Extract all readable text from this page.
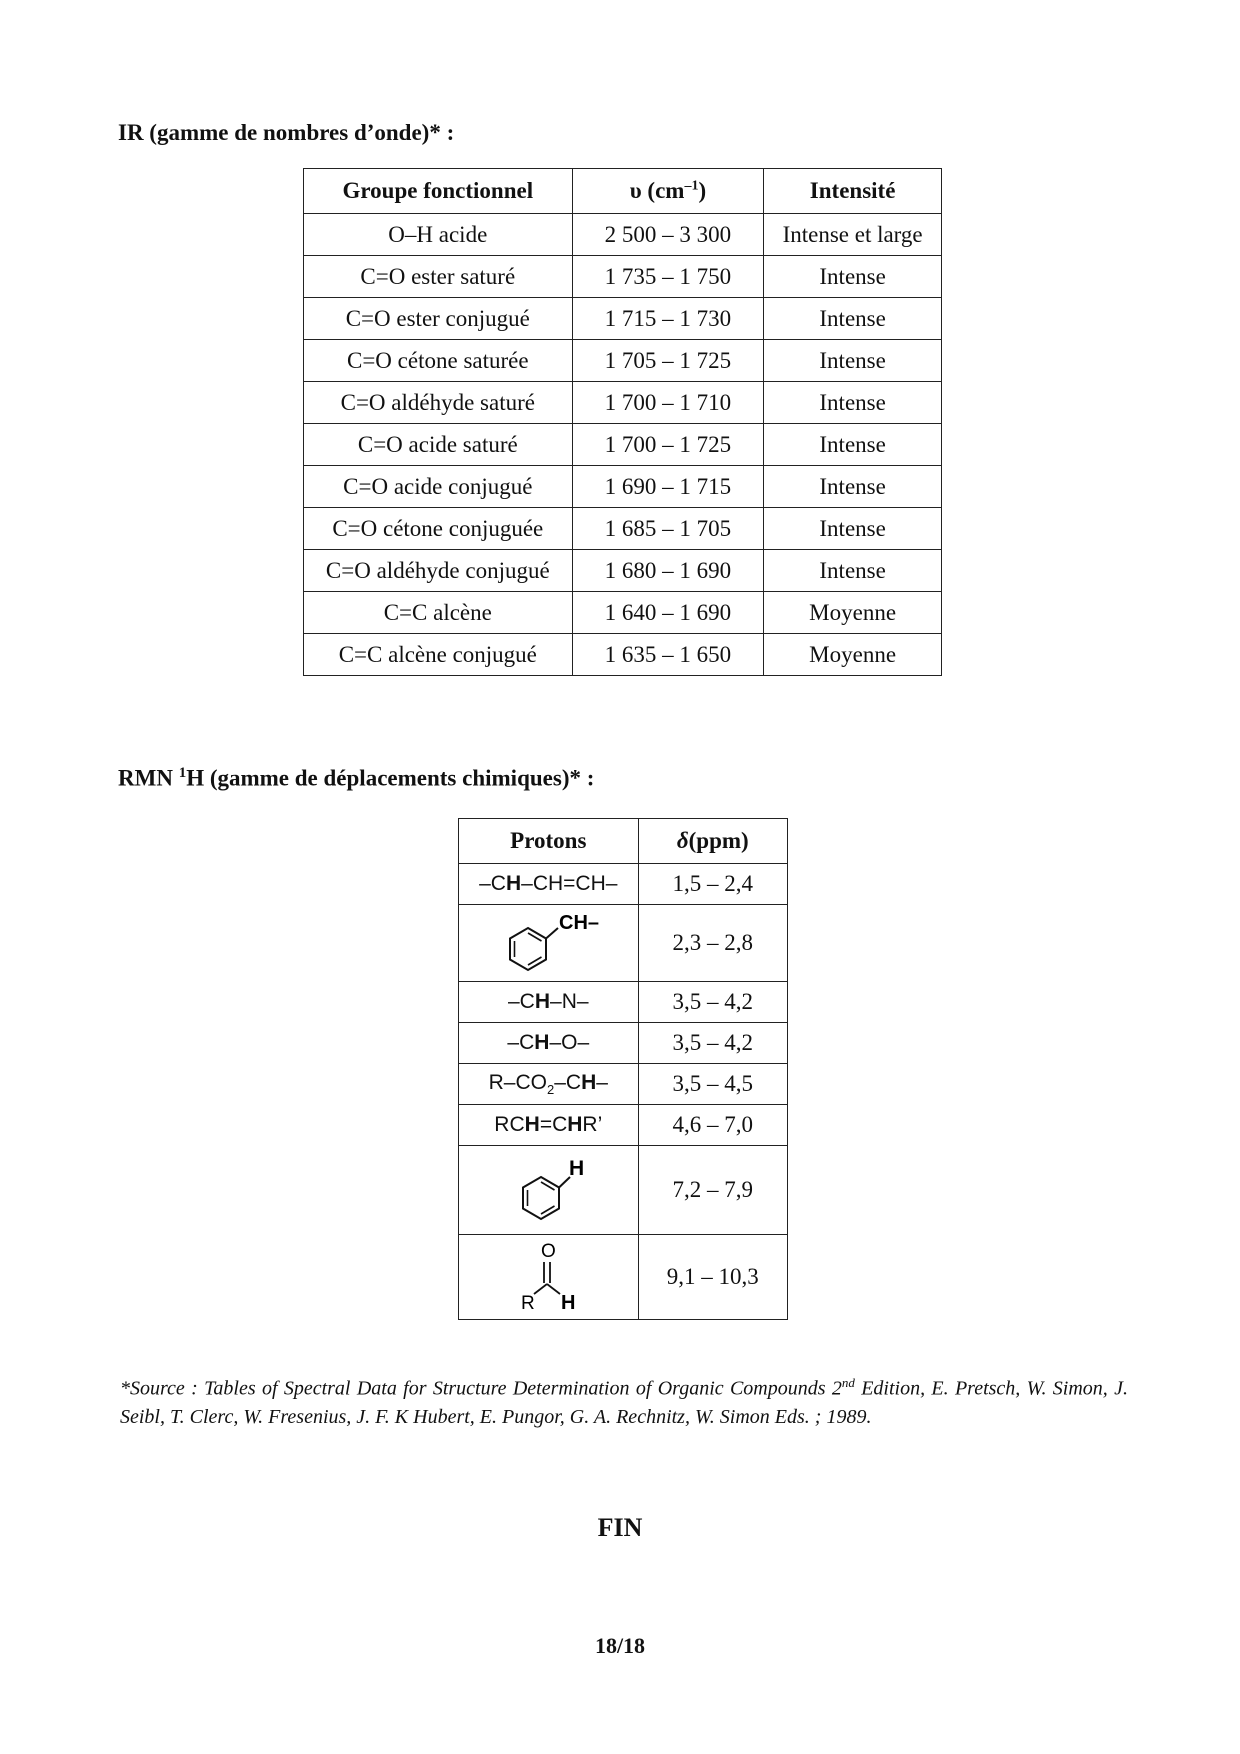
IR (gamme de nombres d’onde)* :
Groupe fonctionnel	υ $(cm^{-1})$	Intensité
O–H acide	2 500 – 3 300	Intense et large
C=O ester saturé	1 735 – 1 750	Intense
C=O ester conjugué	1 715 – 1 730	Intense
C=O cétone saturée	1 705 – 1 725	Intense
C=O aldéhyde saturé	1 700 – 1 710	Intense
C=O acide saturé	1 700 – 1 725	Intense
C=O acide conjugué	1 690 – 1 715	Intense
C=O cétone conjuguée	1 685 – 1 705	Intense
C=O aldéhyde conjugué	1 680 – 1 690	Intense
C=C alcène	1 640 – 1 690	Moyenne
C=C alcène conjugué	1 635 – 1 650	Moyenne
RMN $^1$H (gamme de déplacements chimiques)* :
Protons	δ(ppm)
–CH–CH=CH–	1,5 – 2,4

CH–	2,3 – 2,8
–CH–N–	3,5 – 4,2
–CH–O–	3,5 – 4,2
$R-CO_2-CH-$	3,5 – 4,5
RCH=CHR’	4,6 – 7,0

H	7,2 – 7,9

O
R H	9,1 – 10,3
*Source : Tables of Spectral Data for Structure Determination of Organic Compounds 2nd Edition, E. Pretsch, W. Simon, J. Seibl, T. Clerc, W. Fresenius, J. F. K Hubert, E. Pungor, G. A. Rechnitz, W. Simon Eds. ; 1989.
FIN
18/18
